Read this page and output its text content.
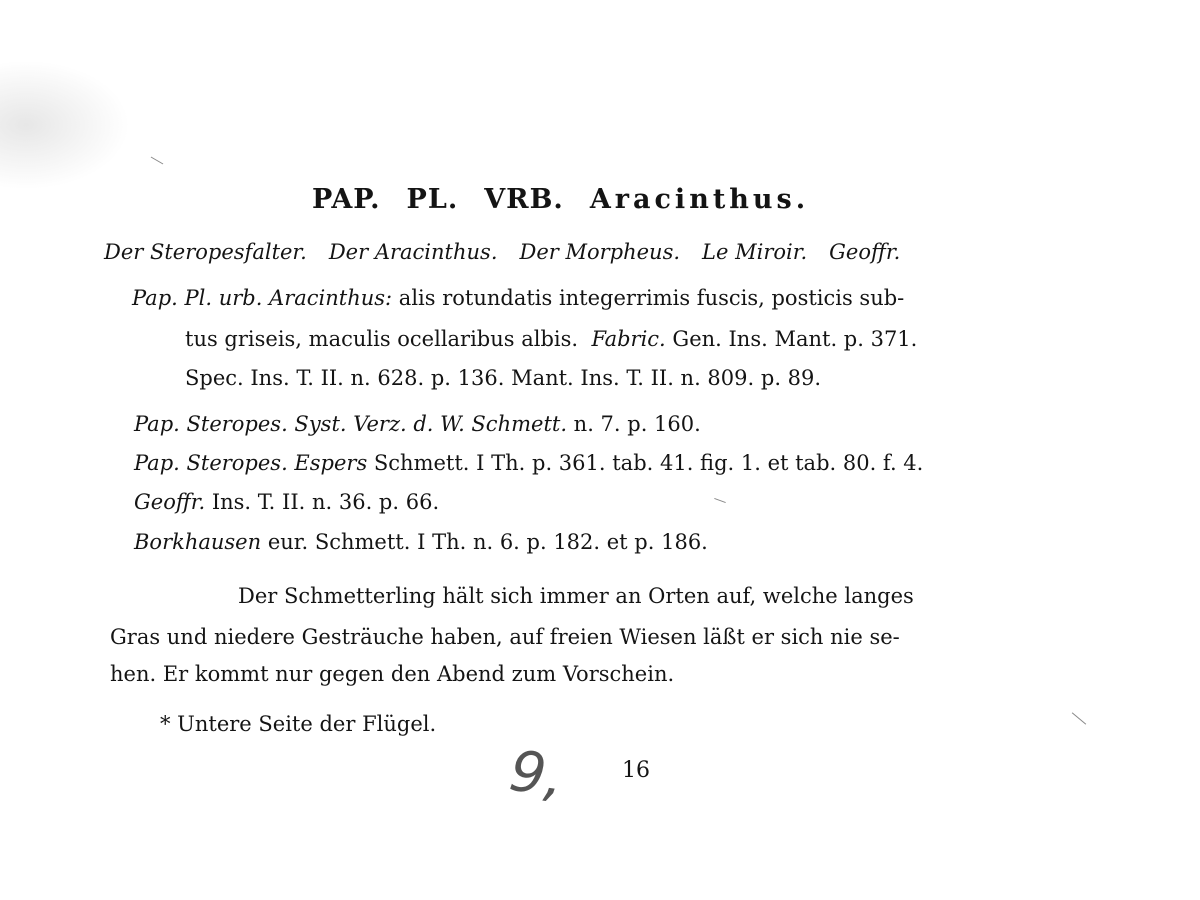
PAP. PL. VRB. Aracinthus.
Der Steropesfalter. Der Aracinthus. Der Morpheus. Le Miroir. Geoffr.
Pap. Pl. urb. Aracinthus: alis rotundatis integerrimis fuscis, posticis sub-
tus griseis, maculis ocellaribus albis. Fabric. Gen. Ins. Mant. p. 371.
Spec. Ins. T. II. n. 628. p. 136. Mant. Ins. T. II. n. 809. p. 89.
Pap. Steropes. Syst. Verz. d. W. Schmett. n. 7. p. 160.
Pap. Steropes. Espers Schmett. I Th. p. 361. tab. 41. fig. 1. et tab. 80. f. 4.
Geoffr. Ins. T. II. n. 36. p. 66.
Borkhausen eur. Schmett. I Th. n. 6. p. 182. et p. 186.
Der Schmetterling hält sich immer an Orten auf, welche langes
Gras und niedere Gesträuche haben, auf freien Wiesen läßt er sich nie se-
hen. Er kommt nur gegen den Abend zum Vorschein.
* Untere Seite der Flügel.
9, 16
